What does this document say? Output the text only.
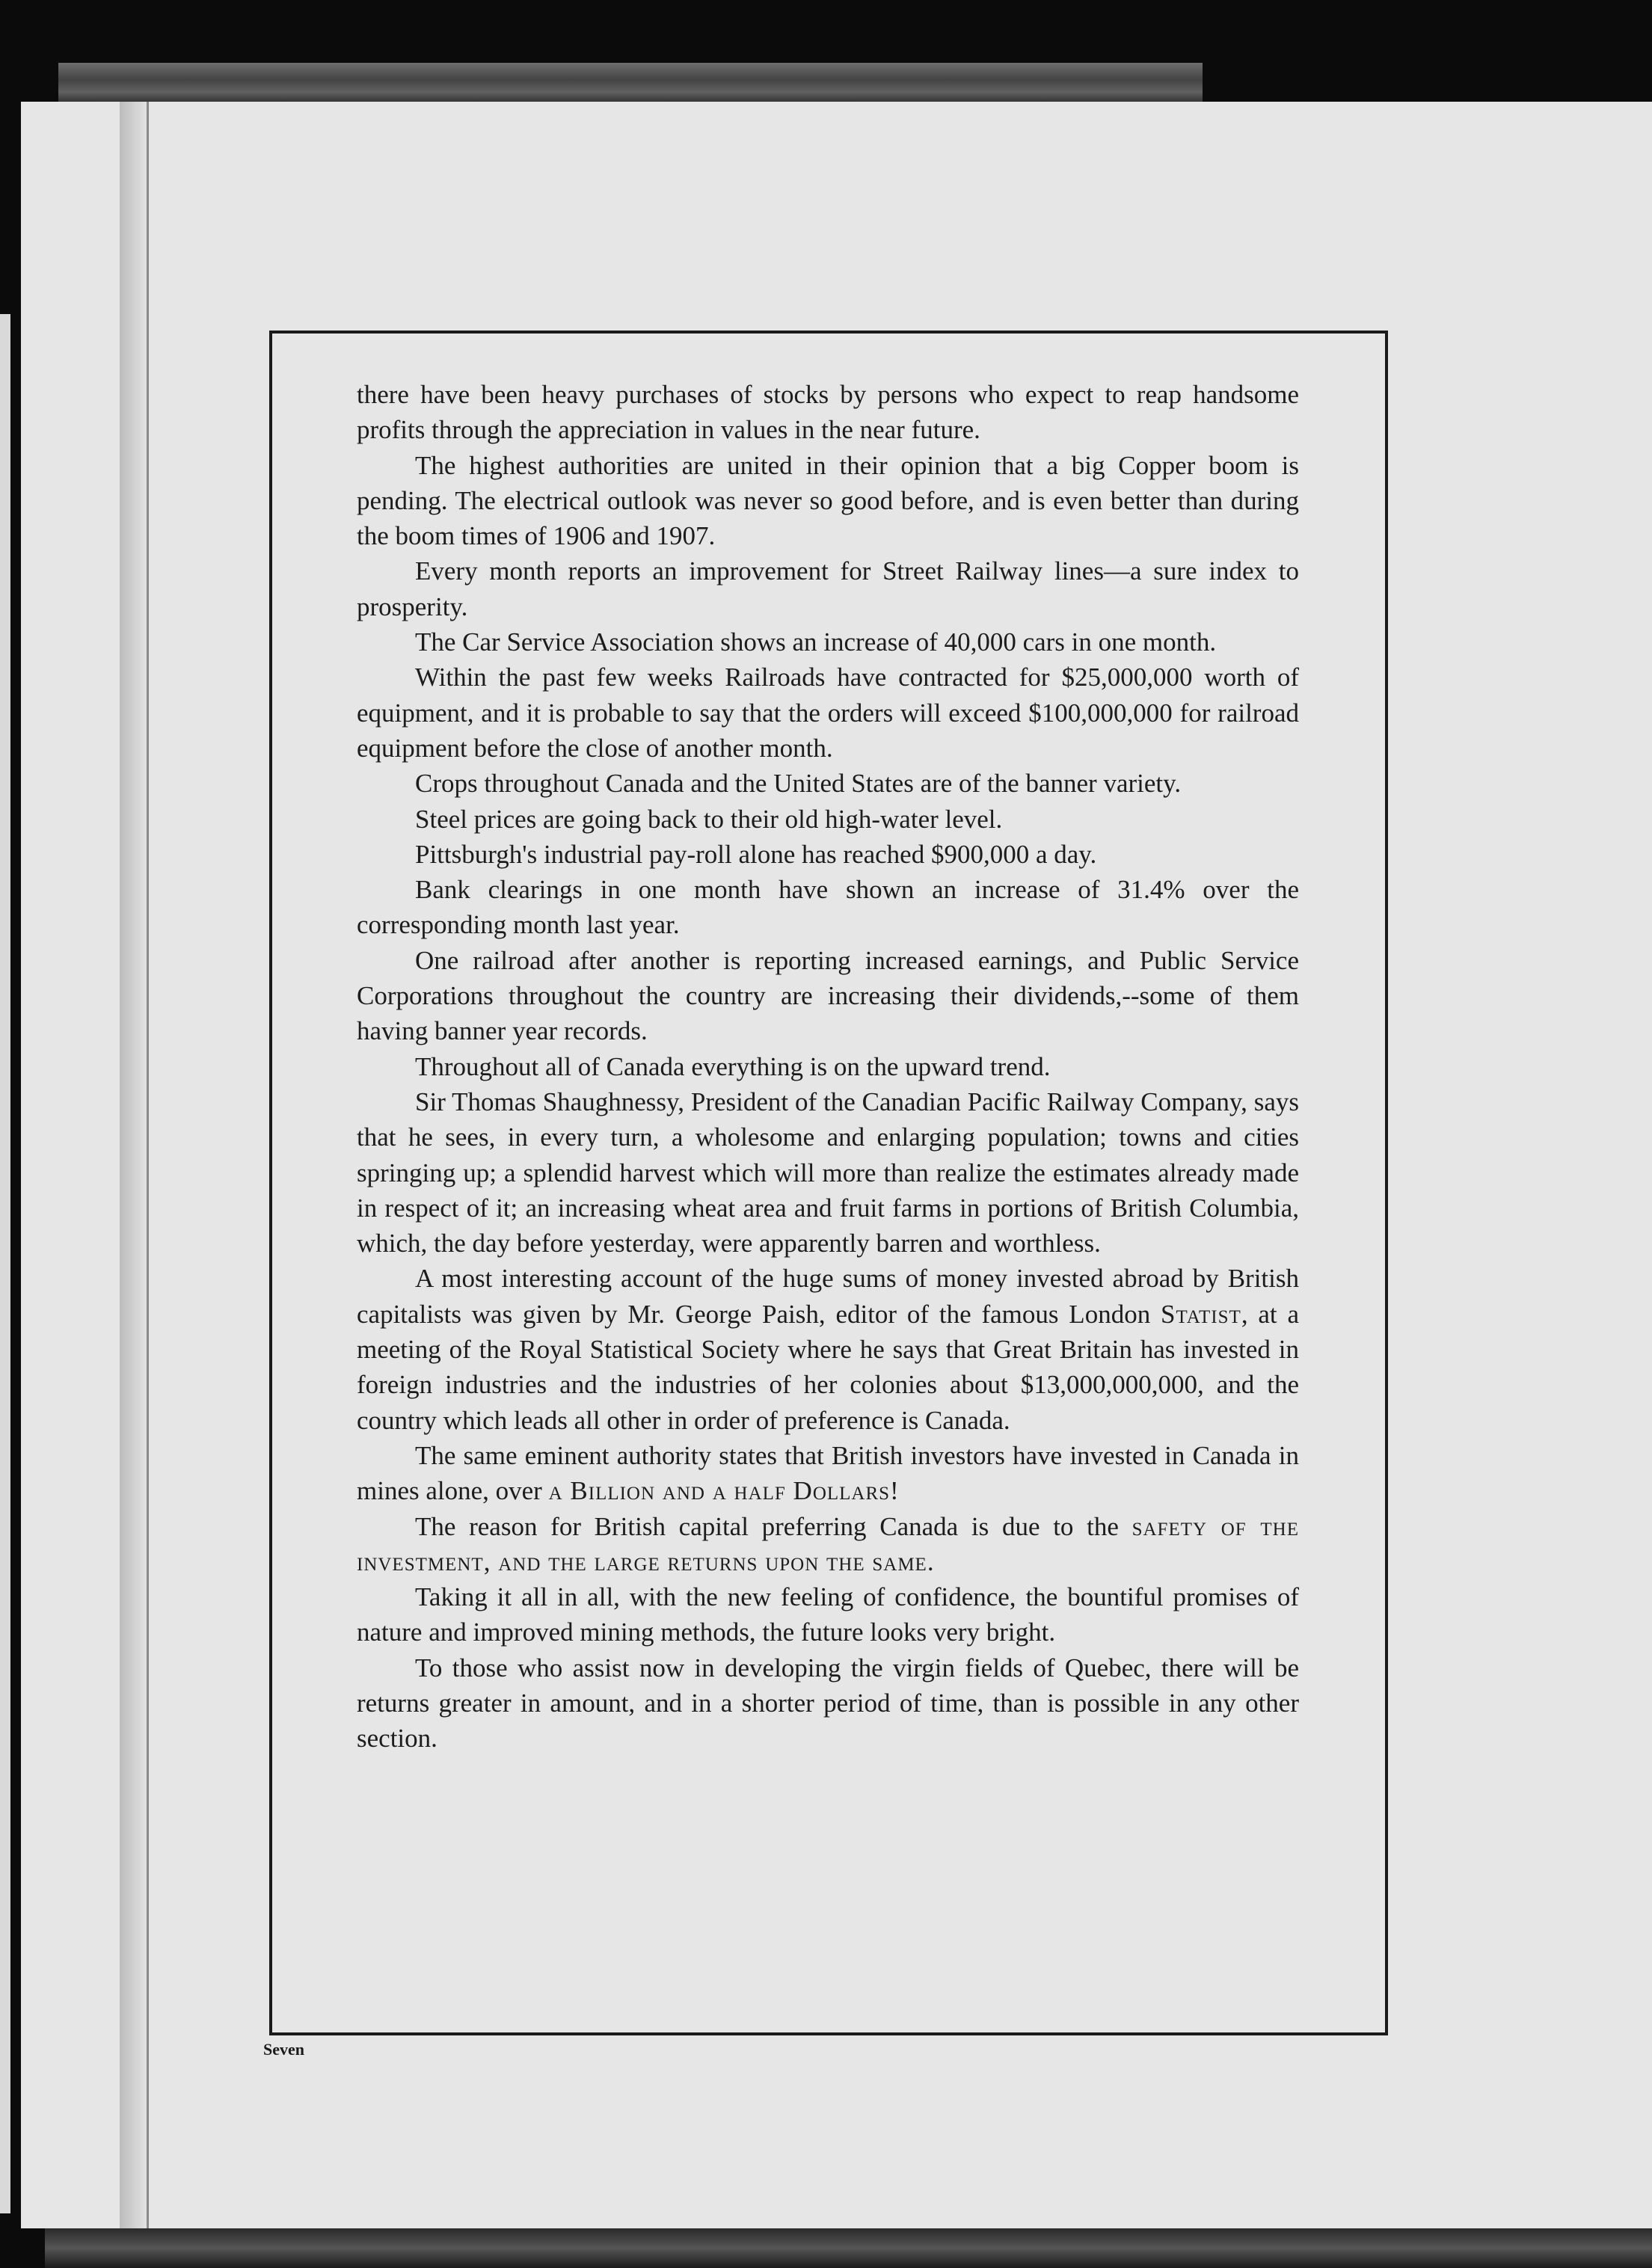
there have been heavy purchases of stocks by persons who expect to reap handsome profits through the appreciation in values in the near future.

The highest authorities are united in their opinion that a big Copper boom is pending. The electrical outlook was never so good before, and is even better than during the boom times of 1906 and 1907.

Every month reports an improvement for Street Railway lines—a sure index to prosperity.

The Car Service Association shows an increase of 40,000 cars in one month.

Within the past few weeks Railroads have contracted for $25,000,000 worth of equipment, and it is probable to say that the orders will exceed $100,000,000 for railroad equipment before the close of another month.

Crops throughout Canada and the United States are of the banner variety.

Steel prices are going back to their old high-water level.

Pittsburgh's industrial pay-roll alone has reached $900,000 a day.

Bank clearings in one month have shown an increase of 31.4% over the corresponding month last year.

One railroad after another is reporting increased earnings, and Public Service Corporations throughout the country are increasing their dividends,--some of them having banner year records.

Throughout all of Canada everything is on the upward trend.

Sir Thomas Shaughnessy, President of the Canadian Pacific Railway Company, says that he sees, in every turn, a wholesome and enlarging population; towns and cities springing up; a splendid harvest which will more than realize the estimates already made in respect of it; an increasing wheat area and fruit farms in portions of British Columbia, which, the day before yesterday, were apparently barren and worthless.

A most interesting account of the huge sums of money invested abroad by British capitalists was given by Mr. George Paish, editor of the famous London Statist, at a meeting of the Royal Statistical Society where he says that Great Britain has invested in foreign industries and the industries of her colonies about $13,000,000,000, and the country which leads all other in order of preference is Canada.

The same eminent authority states that British investors have invested in Canada in mines alone, over a Billion and a half Dollars!

The reason for British capital preferring Canada is due to the safety of the investment, and the large returns upon the same.

Taking it all in all, with the new feeling of confidence, the bountiful promises of nature and improved mining methods, the future looks very bright.

To those who assist now in developing the virgin fields of Quebec, there will be returns greater in amount, and in a shorter period of time, than is possible in any other section.

Seven
